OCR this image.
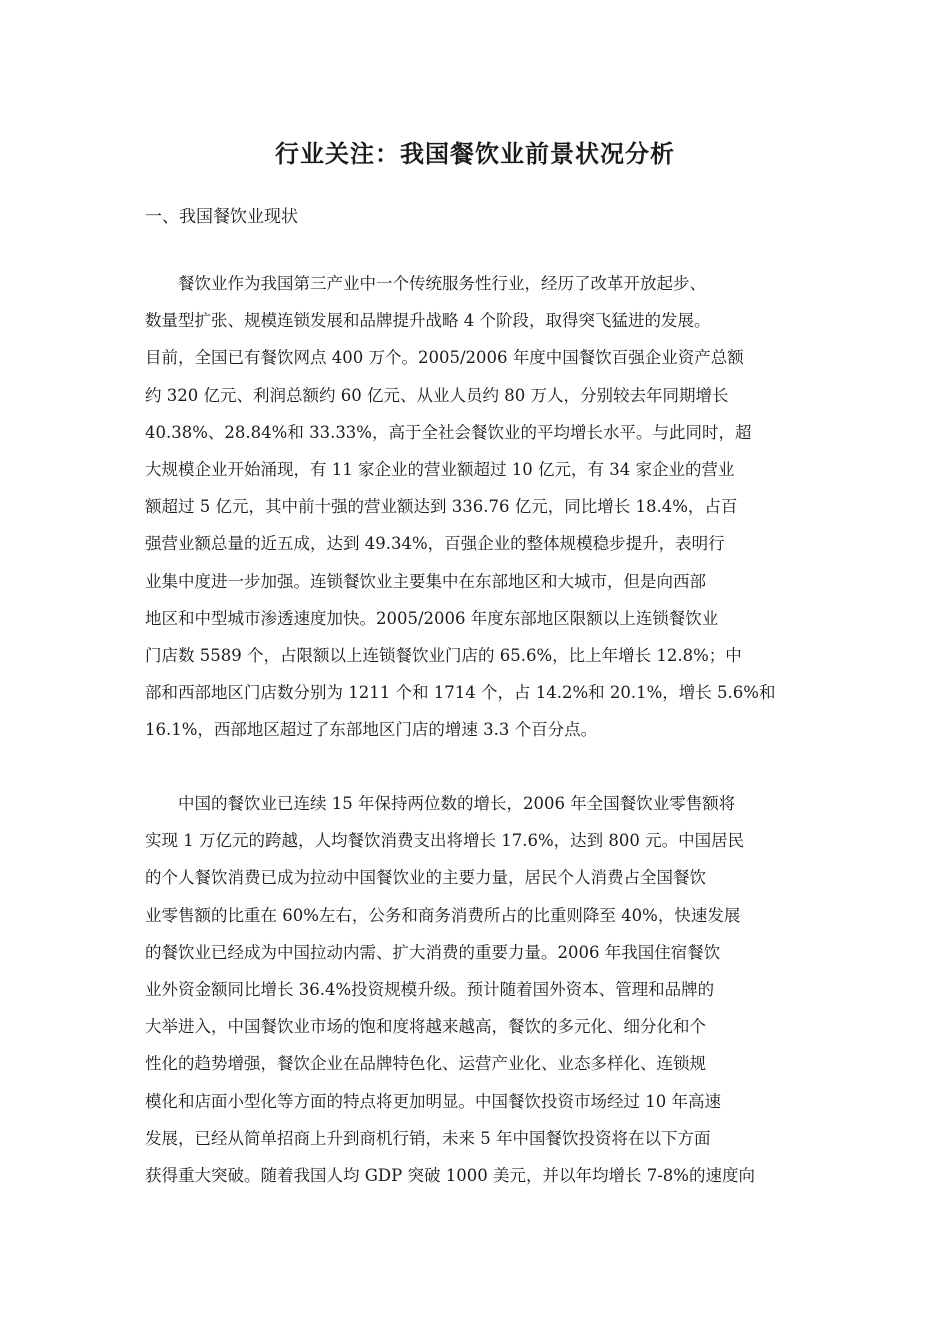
行业关注：我国餐饮业前景状况分析
一、我国餐饮业现状
　　餐饮业作为我国第三产业中一个传统服务性行业，经历了改革开放起步、
数量型扩张、规模连锁发展和品牌提升战略 4 个阶段，取得突飞猛进的发展。
目前，全国已有餐饮网点 400 万个。2005/2006 年度中国餐饮百强企业资产总额
约 320 亿元、利润总额约 60 亿元、从业人员约 80 万人，分别较去年同期增长
40.38%、28.84%和 33.33%，高于全社会餐饮业的平均增长水平。与此同时，超
大规模企业开始涌现，有 11 家企业的营业额超过 10 亿元，有 34 家企业的营业
额超过 5 亿元，其中前十强的营业额达到 336.76 亿元，同比增长 18.4%，占百
强营业额总量的近五成，达到 49.34%，百强企业的整体规模稳步提升，表明行
业集中度进一步加强。连锁餐饮业主要集中在东部地区和大城市，但是向西部
地区和中型城市渗透速度加快。2005/2006 年度东部地区限额以上连锁餐饮业
门店数 5589 个，占限额以上连锁餐饮业门店的 65.6%，比上年增长 12.8%；中
部和西部地区门店数分别为 1211 个和 1714 个，占 14.2%和 20.1%，增长 5.6%和
16.1%，西部地区超过了东部地区门店的增速 3.3 个百分点。
　　中国的餐饮业已连续 15 年保持两位数的增长，2006 年全国餐饮业零售额将
实现 1 万亿元的跨越，人均餐饮消费支出将增长 17.6%，达到 800 元。中国居民
的个人餐饮消费已成为拉动中国餐饮业的主要力量，居民个人消费占全国餐饮
业零售额的比重在 60%左右，公务和商务消费所占的比重则降至 40%，快速发展
的餐饮业已经成为中国拉动内需、扩大消费的重要力量。2006 年我国住宿餐饮
业外资金额同比增长 36.4%投资规模升级。预计随着国外资本、管理和品牌的
大举进入，中国餐饮业市场的饱和度将越来越高，餐饮的多元化、细分化和个
性化的趋势增强，餐饮企业在品牌特色化、运营产业化、业态多样化、连锁规
模化和店面小型化等方面的特点将更加明显。中国餐饮投资市场经过 10 年高速
发展，已经从简单招商上升到商机行销，未来 5 年中国餐饮投资将在以下方面
获得重大突破。随着我国人均 GDP 突破 1000 美元，并以年均增长 7-8%的速度向
